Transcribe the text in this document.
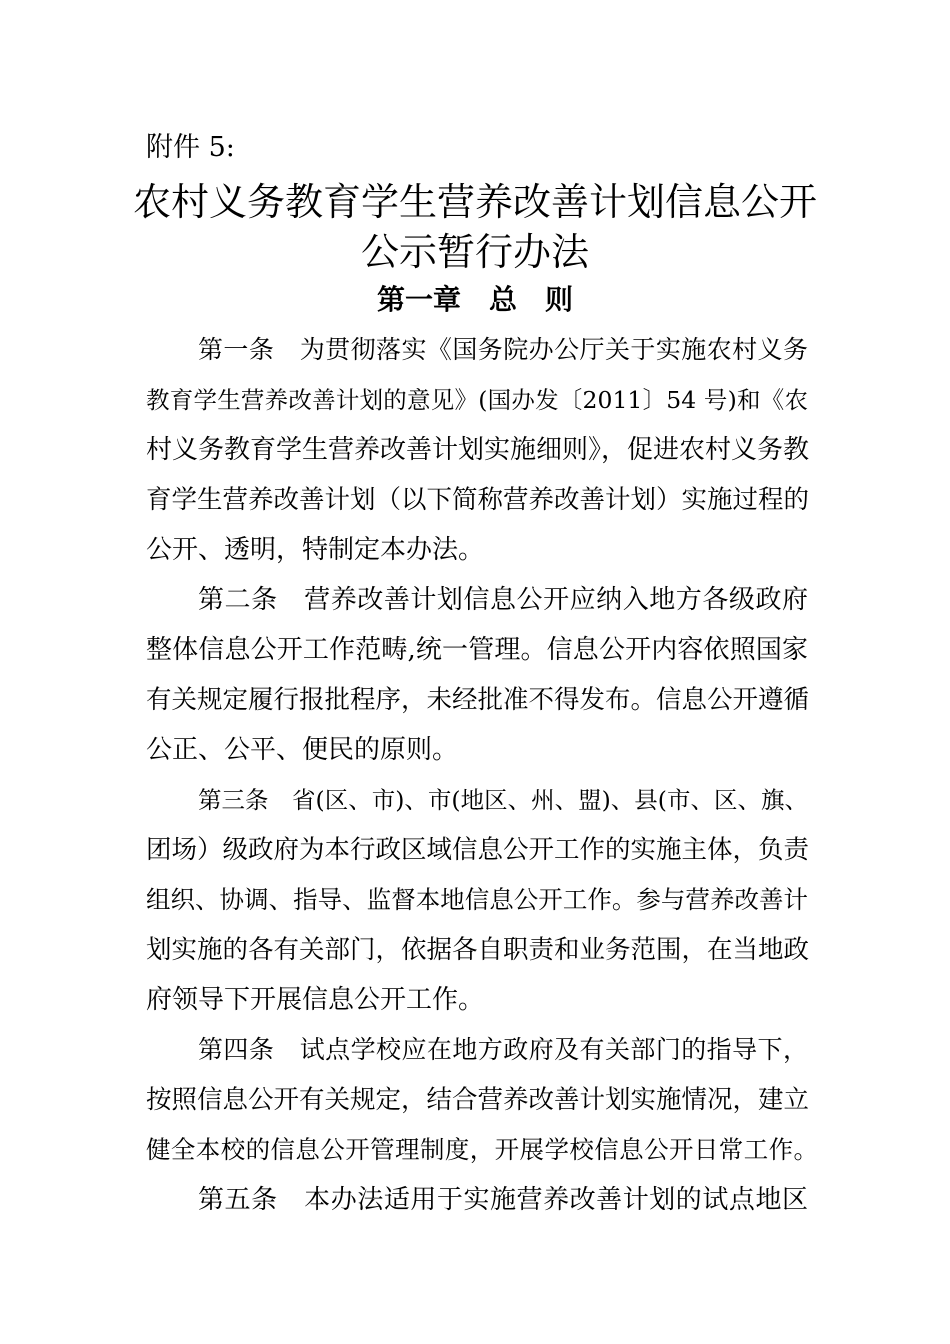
附件 5:
农村义务教育学生营养改善计划信息公开
公示暂行办法
第一章　总　则
第一条　为贯彻落实《国务院办公厅关于实施农村义务
教育学生营养改善计划的意见》(国办发〔2011〕54 号)和《农
村义务教育学生营养改善计划实施细则》，促进农村义务教
育学生营养改善计划（以下简称营养改善计划）实施过程的
公开、透明，特制定本办法。
第二条　营养改善计划信息公开应纳入地方各级政府
整体信息公开工作范畴,统一管理。信息公开内容依照国家
有关规定履行报批程序，未经批准不得发布。信息公开遵循
公正、公平、便民的原则。
第三条　省(区、市)、市(地区、州、盟)、县(市、区、旗、
团场）级政府为本行政区域信息公开工作的实施主体，负责
组织、协调、指导、监督本地信息公开工作。参与营养改善计
划实施的各有关部门，依据各自职责和业务范围，在当地政
府领导下开展信息公开工作。
第四条　试点学校应在地方政府及有关部门的指导下，
按照信息公开有关规定，结合营养改善计划实施情况，建立
健全本校的信息公开管理制度，开展学校信息公开日常工作。
第五条　本办法适用于实施营养改善计划的试点地区
